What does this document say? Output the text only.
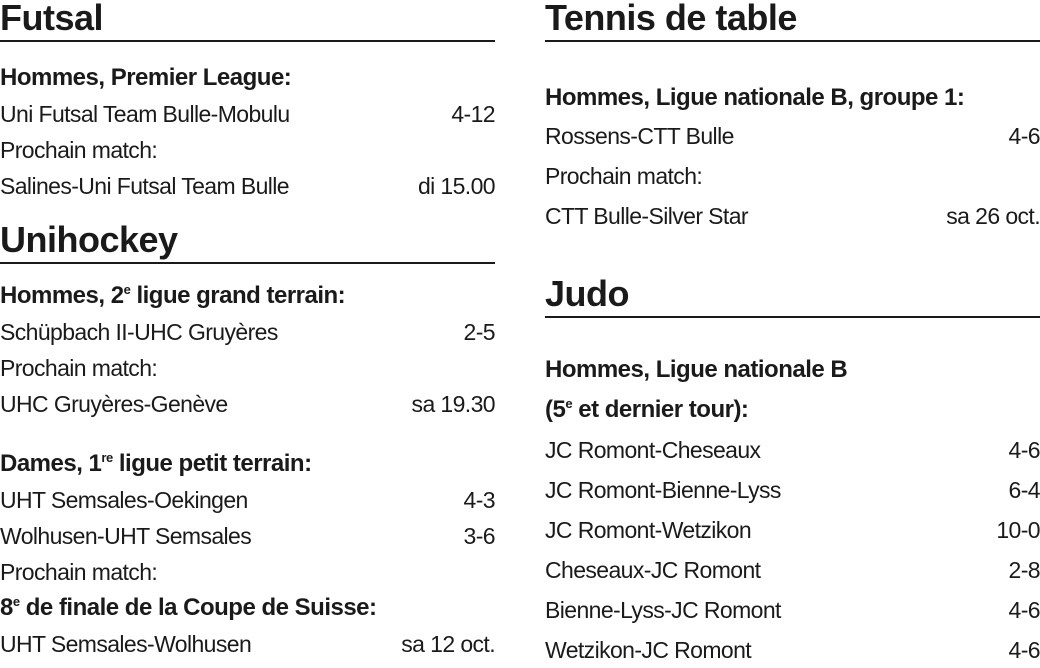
Futsal
Hommes, Premier League:
Uni Futsal Team Bulle-Mobulu	4-12
Prochain match:
Salines-Uni Futsal Team Bulle	di 15.00
Unihockey
Hommes, 2e ligue grand terrain:
Schüpbach II-UHC Gruyères	2-5
Prochain match:
UHC Gruyères-Genève	sa 19.30
Dames, 1re ligue petit terrain:
UHT Semsales-Oekingen	4-3
Wolhusen-UHT Semsales	3-6
Prochain match:
8e de finale de la Coupe de Suisse:
UHT Semsales-Wolhusen	sa 12 oct.
Tennis de table
Hommes, Ligue nationale B, groupe 1:
Rossens-CTT Bulle	4-6
Prochain match:
CTT Bulle-Silver Star	sa 26 oct.
Judo
Hommes, Ligue nationale B
(5e et dernier tour):
JC Romont-Cheseaux	4-6
JC Romont-Bienne-Lyss	6-4
JC Romont-Wetzikon	10-0
Cheseaux-JC Romont	2-8
Bienne-Lyss-JC Romont	4-6
Wetzikon-JC Romont	4-6
